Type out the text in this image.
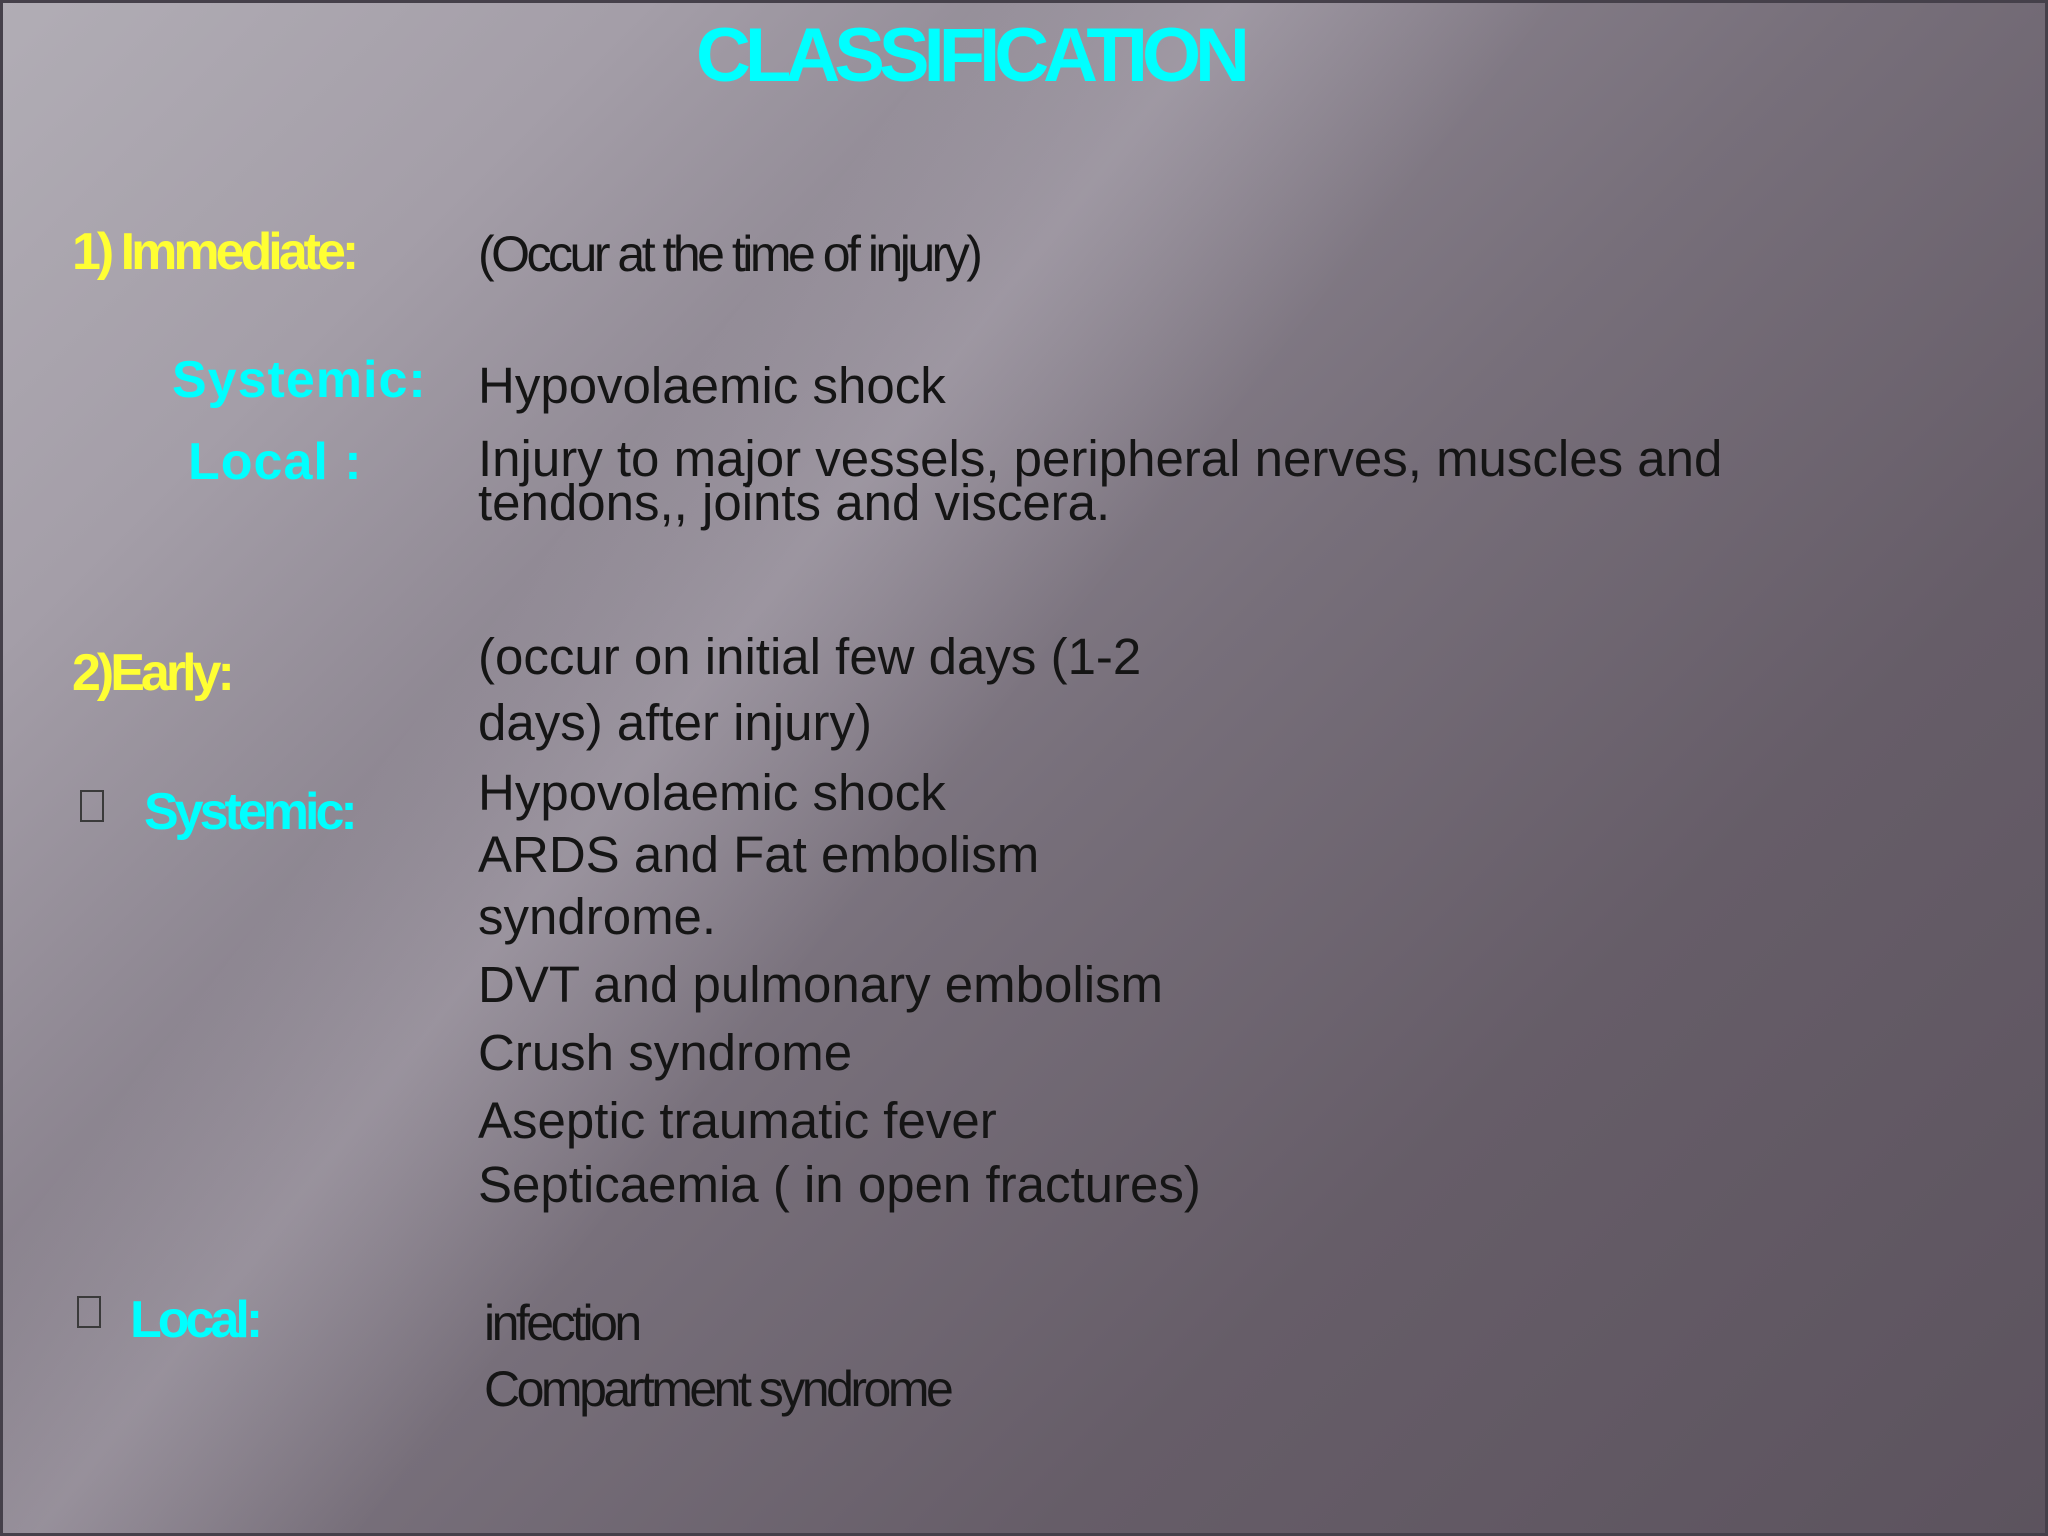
CLASSIFICATION
1) Immediate: (Occur at the time of injury)
Systemic: Hypovolaemic shock
Local : Injury to major vessels, peripheral nerves, muscles and
tendons,, joints and viscera.
2)Early:	(occur on initial few days (1-2
days) after injury)
Systemic: Hypovolaemic shock
ARDS and Fat embolism
syndrome.
DVT and pulmonary embolism
Crush syndrome
Aseptic traumatic fever
Septicaemia ( in open fractures)
Local:	infection
Compartment syndrome
